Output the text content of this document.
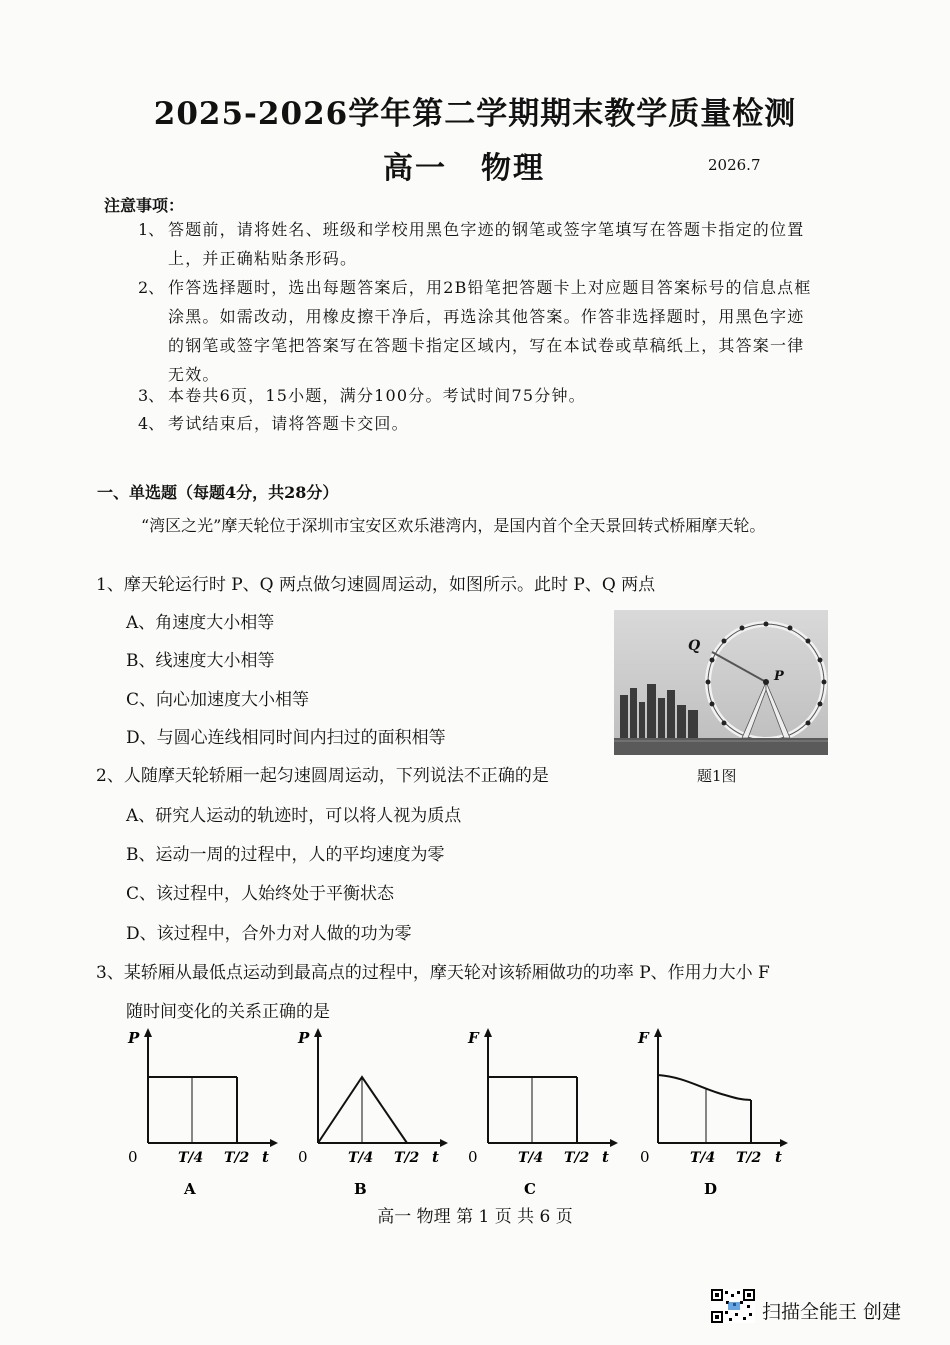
2025-2026学年第二学期期末教学质量检测
高一 物理	2026.7
注意事项：
1、 答题前，请将姓名、班级和学校用黑色字迹的钢笔或签字笔填写在答题卡指定的位置上，并正确粘贴条形码。
2、 作答选择题时，选出每题答案后，用2B铅笔把答题卡上对应题目答案标号的信息点框涂黑。如需改动，用橡皮擦干净后，再选涂其他答案。作答非选择题时，用黑色字迹的钢笔或签字笔把答案写在答题卡指定区域内，写在本试卷或草稿纸上，其答案一律无效。
3、 本卷共6页，15小题，满分100分。考试时间75分钟。
4、 考试结束后，请将答题卡交回。
一、单选题（每题4分，共28分）
“湾区之光”摩天轮位于深圳市宝安区欢乐港湾内，是国内首个全天景回转式桥厢摩天轮。
1、摩天轮运行时 P、Q 两点做匀速圆周运动，如图所示。此时 P、Q 两点
A、角速度大小相等
B、线速度大小相等
C、向心加速度大小相等
D、与圆心连线相同时间内扫过的面积相等
Q
P
题1图
2、人随摩天轮轿厢一起匀速圆周运动，下列说法不正确的是
A、研究人运动的轨迹时，可以将人视为质点
B、运动一周的过程中，人的平均速度为零
C、该过程中，人始终处于平衡状态
D、该过程中，合外力对人做的功为零
3、某轿厢从最低点运动到最高点的过程中，摩天轮对该轿厢做功的功率 P、作用力大小 F
随时间变化的关系正确的是
P
0	T/4 T/2 t
A
P
0	T/4 T/2 t
B
F
0	T/4 T/2 t
C
F
0	T/4 T/2 t
D
高一 物理 第 1 页 共 6 页
扫描全能王 创建
